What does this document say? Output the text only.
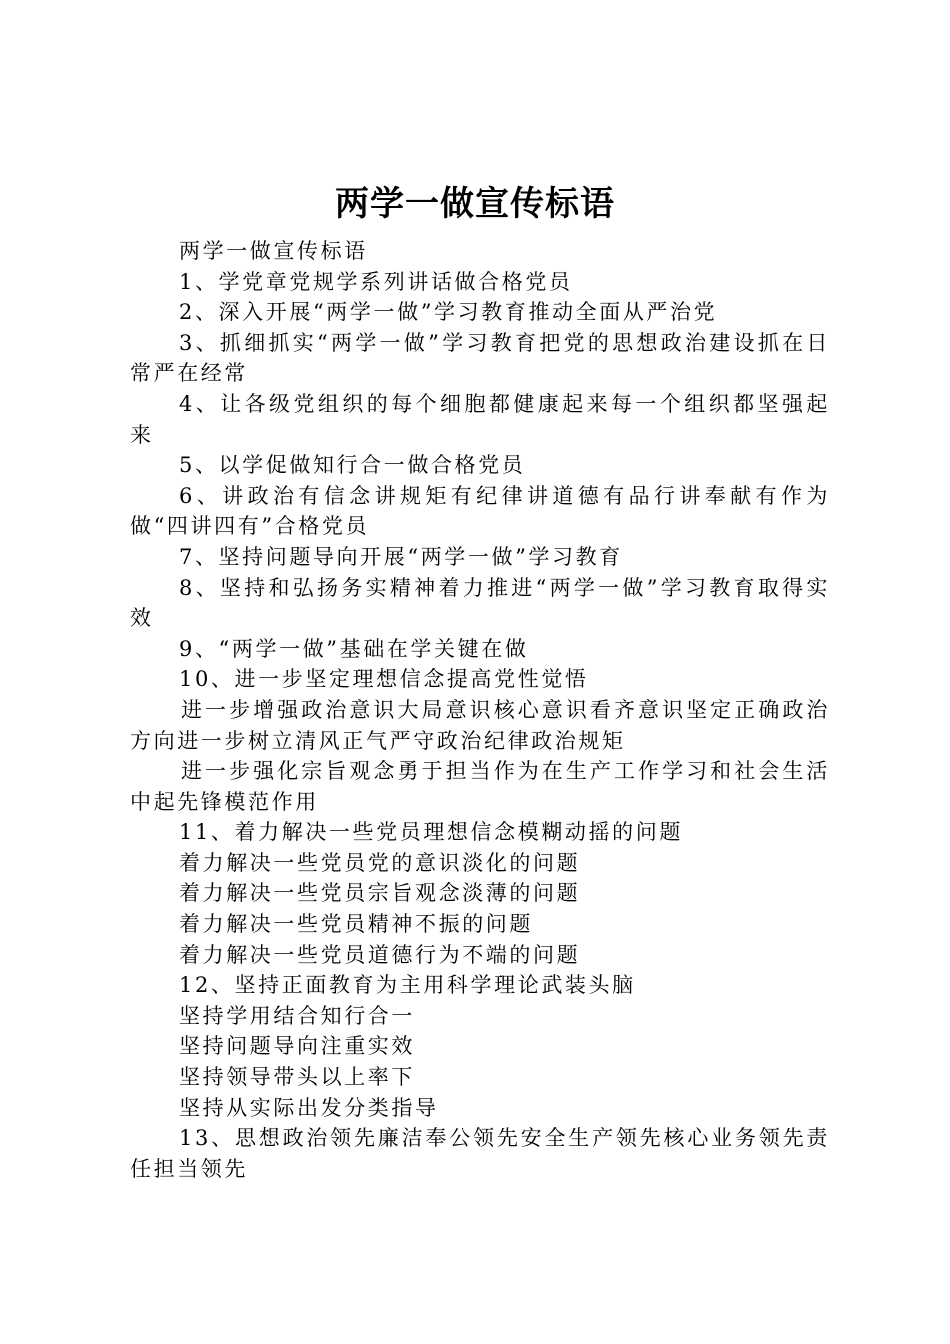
两学一做宣传标语

两学一做宣传标语

1、学党章党规学系列讲话做合格党员

2、深入开展“两学一做”学习教育推动全面从严治党

3、抓细抓实“两学一做”学习教育把党的思想政治建设抓在日常严在经常

4、让各级党组织的每个细胞都健康起来每一个组织都坚强起来

5、以学促做知行合一做合格党员

6、讲政治有信念讲规矩有纪律讲道德有品行讲奉献有作为做“四讲四有”合格党员

7、坚持问题导向开展“两学一做”学习教育

8、坚持和弘扬务实精神着力推进“两学一做”学习教育取得实效

9、“两学一做”基础在学关键在做

10、进一步坚定理想信念提高党性觉悟

进一步增强政治意识大局意识核心意识看齐意识坚定正确政治方向进一步树立清风正气严守政治纪律政治规矩

进一步强化宗旨观念勇于担当作为在生产工作学习和社会生活中起先锋模范作用

11、着力解决一些党员理想信念模糊动摇的问题

着力解决一些党员党的意识淡化的问题

着力解决一些党员宗旨观念淡薄的问题

着力解决一些党员精神不振的问题

着力解决一些党员道德行为不端的问题

12、坚持正面教育为主用科学理论武装头脑

坚持学用结合知行合一

坚持问题导向注重实效

坚持领导带头以上率下

坚持从实际出发分类指导

13、思想政治领先廉洁奉公领先安全生产领先核心业务领先责任担当领先
